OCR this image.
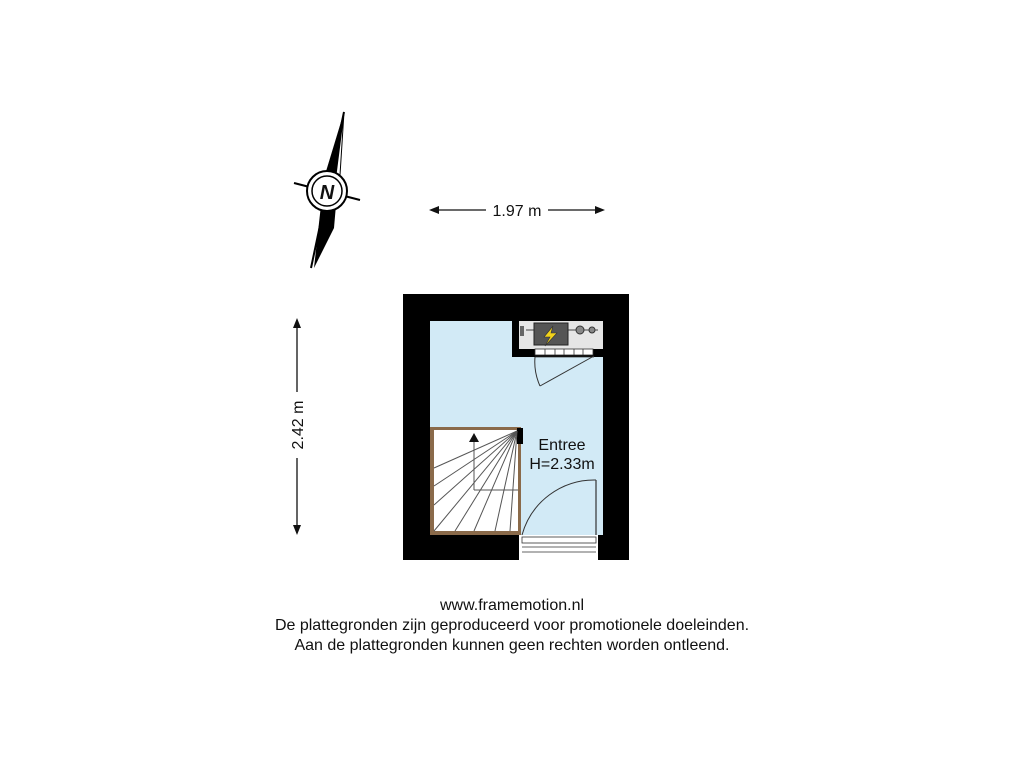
N
1.97 m
2.42 m	Entree
H=2.33m
www.framemotion.nl
De plattegronden zijn geproduceerd voor promotionele doeleinden.
Aan de plattegronden kunnen geen rechten worden ontleend.
